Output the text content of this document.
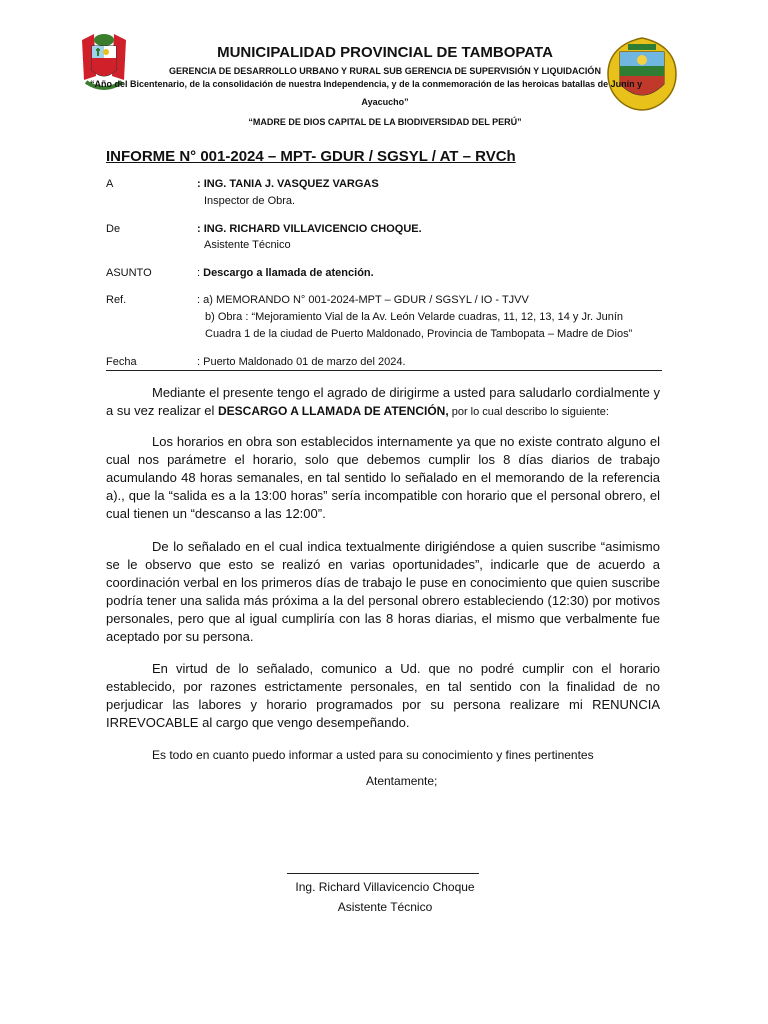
MUNICIPALIDAD PROVINCIAL DE TAMBOPATA
GERENCIA DE DESARROLLO URBANO Y RURAL SUB GERENCIA DE SUPERVISIÓN Y LIQUIDACIÓN
“Año del Bicentenario, de la consolidación de nuestra Independencia, y de la conmemoración de las heroicas batallas de Junín y
Ayacucho”
“MADRE DE DIOS CAPITAL DE LA BIODIVERSIDAD DEL PERÚ”
INFORME N° 001-2024 – MPT- GDUR / SGSYL / AT – RVCh
A	: ING. TANIA J. VASQUEZ VARGAS
Inspector de Obra.
De	: ING. RICHARD VILLAVICENCIO CHOQUE.
Asistente Técnico
ASUNTO	: Descargo a llamada de atención.
Ref.	: a) MEMORANDO N° 001-2024-MPT – GDUR / SGSYL / IO - TJVV
b) Obra : “Mejoramiento Vial de la Av. León Velarde cuadras, 11, 12, 13, 14 y Jr. Junín
Cuadra 1 de la ciudad de Puerto Maldonado, Provincia de Tambopata – Madre de Dios”
Fecha	: Puerto Maldonado 01 de marzo del 2024.
Mediante el presente tengo el agrado de dirigirme a usted para saludarlo cordialmente y a su vez realizar el DESCARGO A LLAMADA DE ATENCIÓN, por lo cual describo lo siguiente:
Los horarios en obra son establecidos internamente ya que no existe contrato alguno el cual nos parámetre el horario, solo que debemos cumplir los 8 días diarios de trabajo acumulando 48 horas semanales, en tal sentido lo señalado en el memorando de la referencia a)., que la “salida es a la 13:00 horas” sería incompatible con horario que el personal obrero, el cual tienen un “descanso a las 12:00”.
De lo señalado en el cual indica textualmente dirigiéndose a quien suscribe “asimismo se le observo que esto se realizó en varias oportunidades”, indicarle que de acuerdo a coordinación verbal en los primeros días de trabajo le puse en conocimiento que quien suscribe podría tener una salida más próxima a la del personal obrero estableciendo (12:30) por motivos personales, pero que al igual cumpliría con las 8 horas diarias, el mismo que verbalmente fue aceptado por su persona.
En virtud de lo señalado, comunico a Ud. que no podré cumplir con el horario establecido, por razones estrictamente personales, en tal sentido con la finalidad de no perjudicar las labores y horario programados por su persona realizare mi RENUNCIA IRREVOCABLE al cargo que vengo desempeñando.
Es todo en cuanto puedo informar a usted para su conocimiento y fines pertinentes
Atentamente;
Ing. Richard Villavicencio Choque
Asistente Técnico
